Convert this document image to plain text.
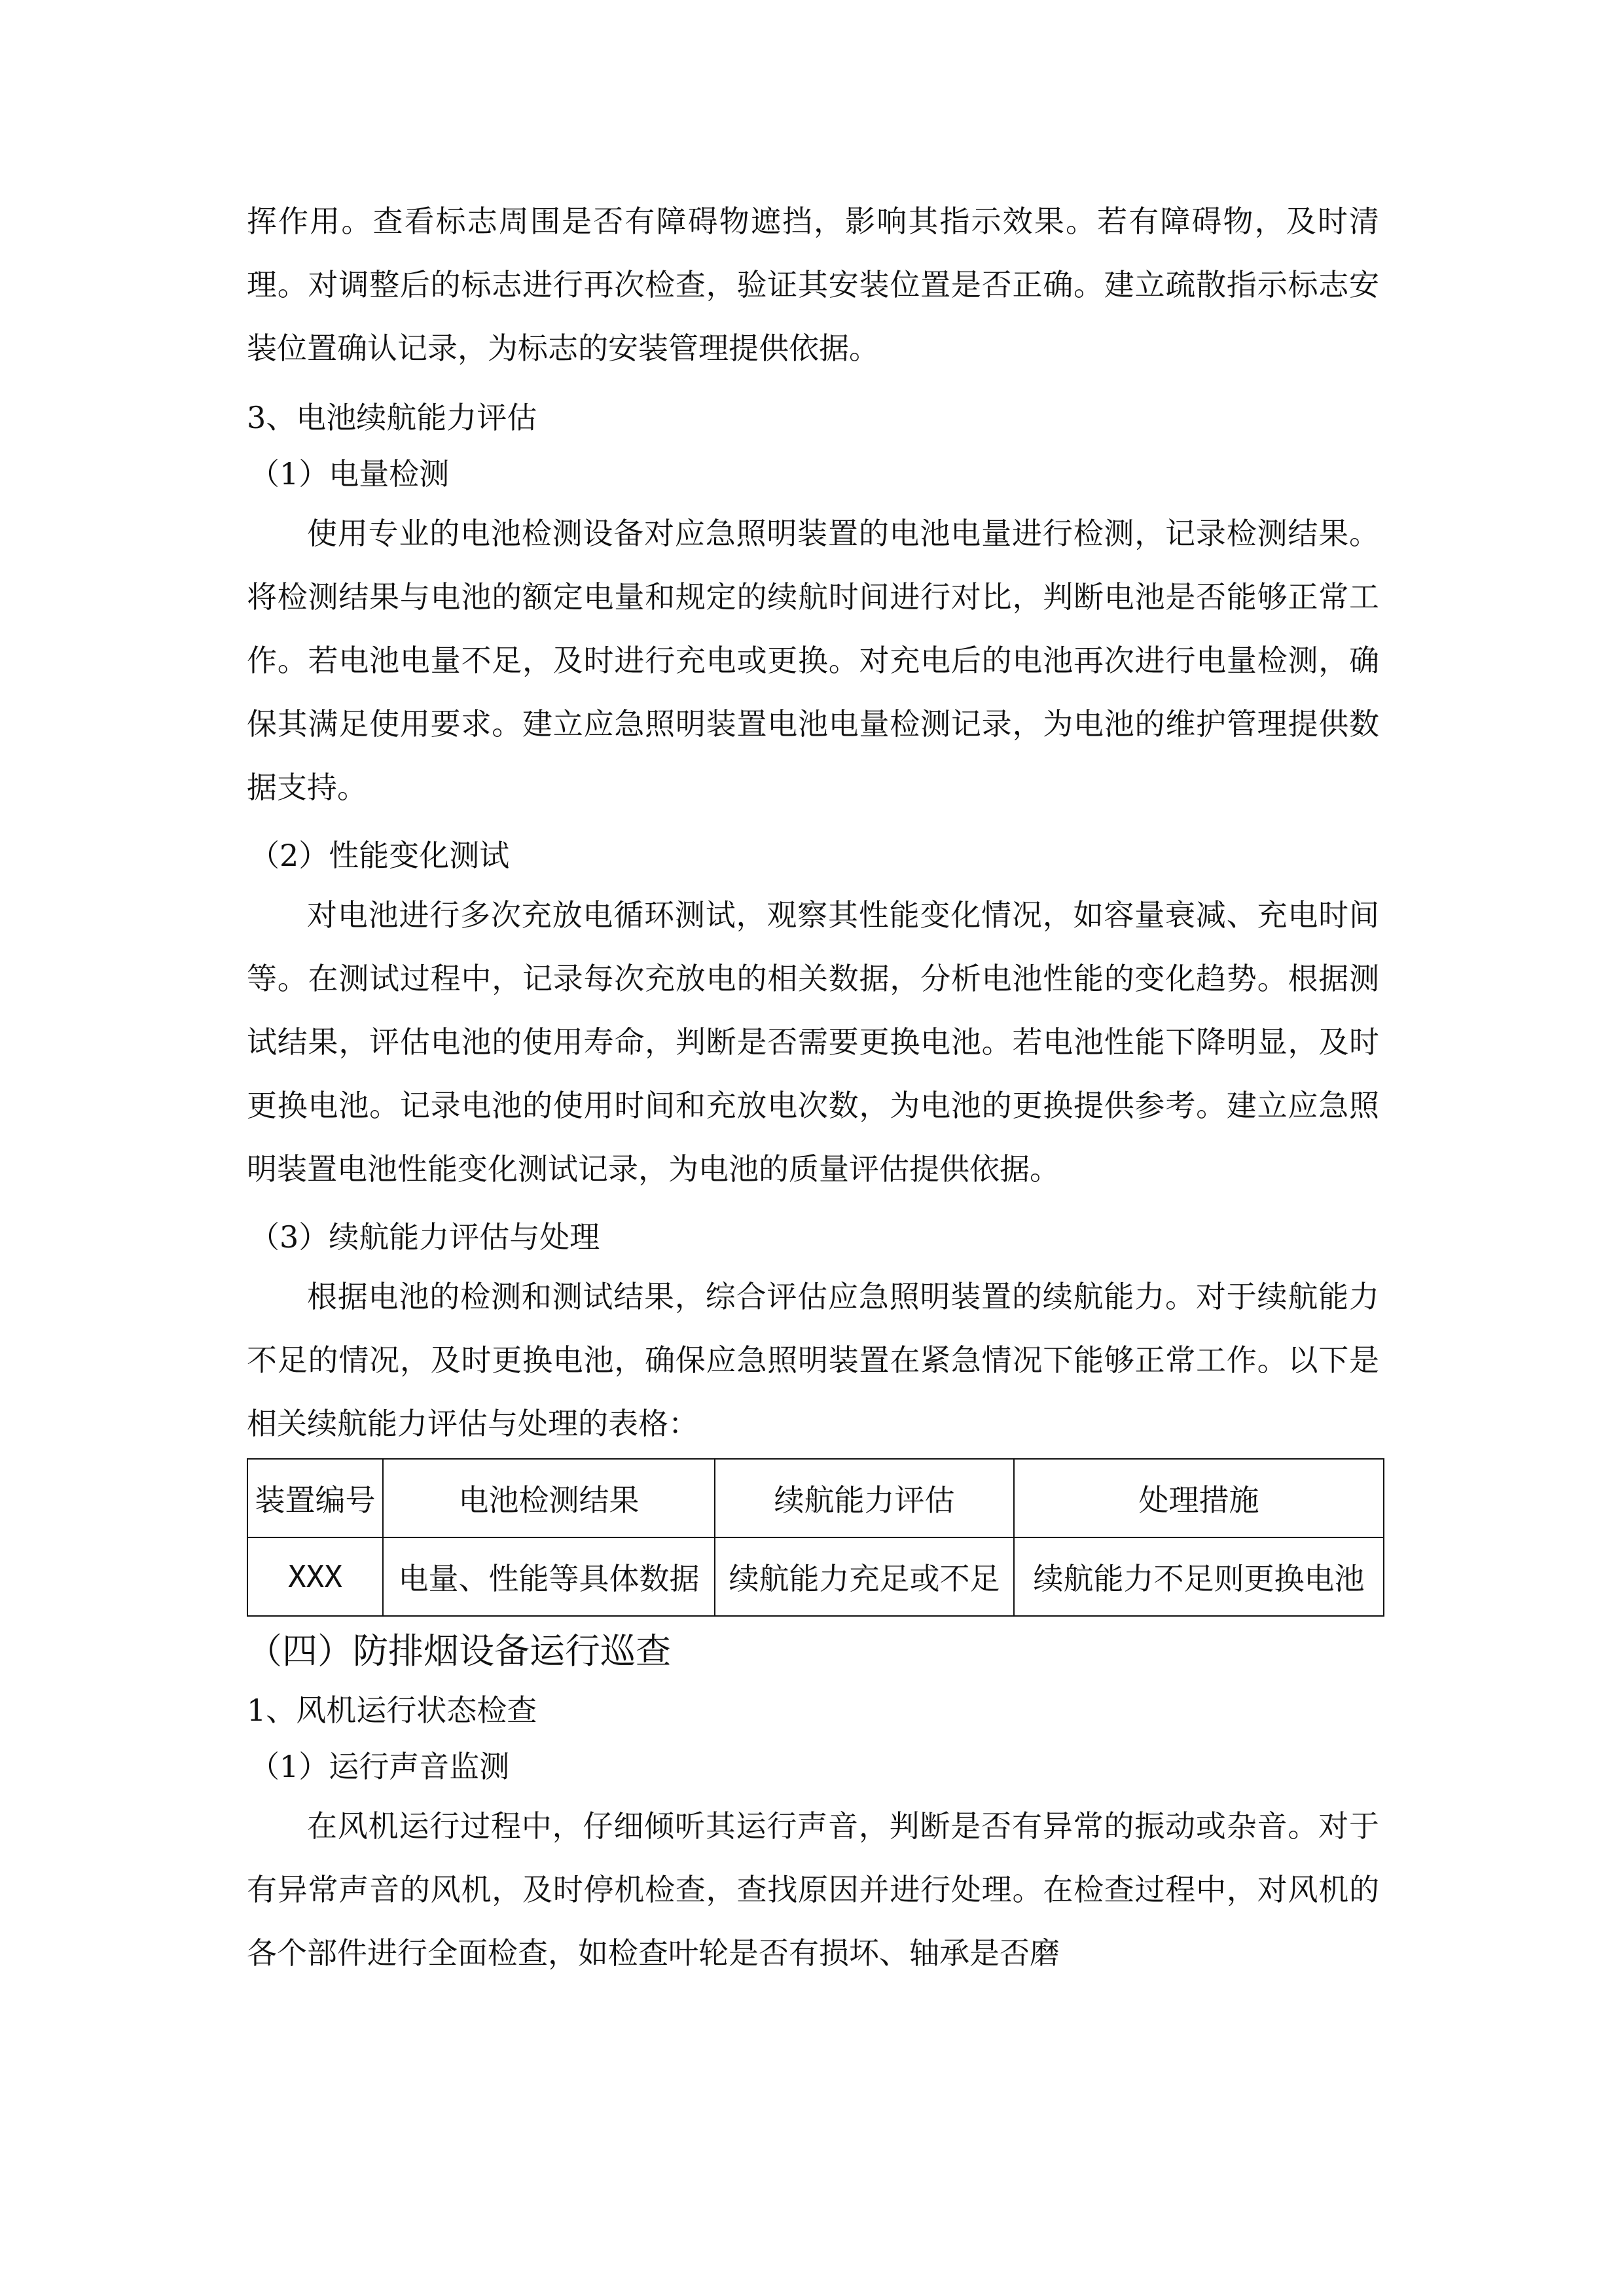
挥作用。查看标志周围是否有障碍物遮挡，影响其指示效果。若有障碍物，及时清理。对调整后的标志进行再次检查，验证其安装位置是否正确。建立疏散指示标志安装位置确认记录，为标志的安装管理提供依据。

3、电池续航能力评估

（1）电量检测

使用专业的电池检测设备对应急照明装置的电池电量进行检测，记录检测结果。将检测结果与电池的额定电量和规定的续航时间进行对比，判断电池是否能够正常工作。若电池电量不足，及时进行充电或更换。对充电后的电池再次进行电量检测，确保其满足使用要求。建立应急照明装置电池电量检测记录，为电池的维护管理提供数据支持。

（2）性能变化测试

对电池进行多次充放电循环测试，观察其性能变化情况，如容量衰减、充电时间等。在测试过程中，记录每次充放电的相关数据，分析电池性能的变化趋势。根据测试结果，评估电池的使用寿命，判断是否需要更换电池。若电池性能下降明显，及时更换电池。记录电池的使用时间和充放电次数，为电池的更换提供参考。建立应急照明装置电池性能变化测试记录，为电池的质量评估提供依据。

（3）续航能力评估与处理

根据电池的检测和测试结果，综合评估应急照明装置的续航能力。对于续航能力不足的情况，及时更换电池，确保应急照明装置在紧急情况下能够正常工作。以下是相关续航能力评估与处理的表格：

装置编号	电池检测结果	续航能力评估	处理措施
XXX	电量、性能等具体数据	续航能力充足或不足	续航能力不足则更换电池

（四）防排烟设备运行巡查

1、风机运行状态检查

（1）运行声音监测

在风机运行过程中，仔细倾听其运行声音，判断是否有异常的振动或杂音。对于有异常声音的风机，及时停机检查，查找原因并进行处理。在检查过程中，对风机的各个部件进行全面检查，如检查叶轮是否有损坏、轴承是否磨
